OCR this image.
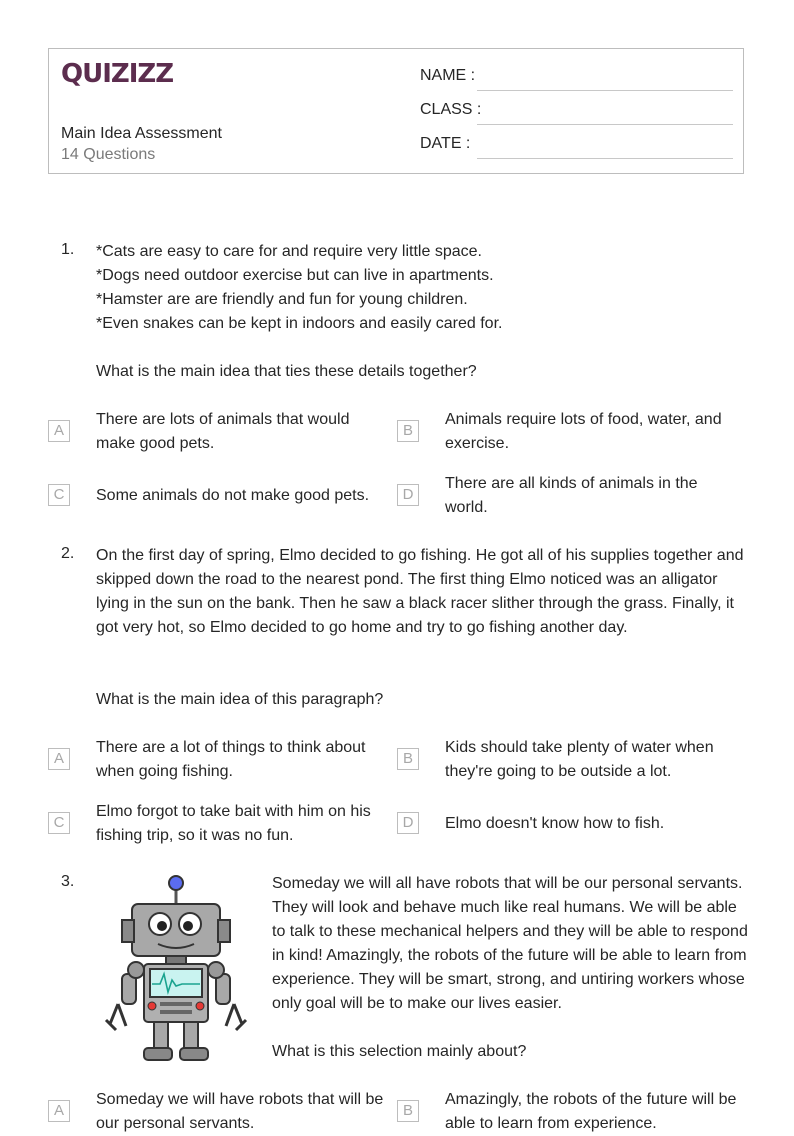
QUIZIZZ
Main Idea Assessment
14 Questions
NAME :
CLASS :
DATE :
1. *Cats are easy to care for and require very little space.
*Dogs need outdoor exercise but can live in apartments.
*Hamster are are friendly and fun for young children.
*Even snakes can be kept in indoors and easily cared for.
What is the main idea that ties these details together?
A
There are lots of animals that would make good pets.
B
Animals require lots of food, water, and exercise.
C	Some animals do not make good pets.	D
There are all kinds of animals in the world.
2. On the first day of spring, Elmo decided to go fishing. He got all of his supplies together and skipped down the road to the nearest pond. The first thing Elmo noticed was an alligator lying in the sun on the bank. Then he saw a black racer slither through the grass. Finally, it got very hot, so Elmo decided to go home and try to go fishing another day.
What is the main idea of this paragraph?
A
There are a lot of things to think about when going fishing.
B
Kids should take plenty of water when they're going to be outside a lot.
C
Elmo forgot to take bait with him on his fishing trip, so it was no fun.
D	Elmo doesn't know how to fish.
3.	Someday we will all have robots that will be our personal servants. They will look and behave much like real humans. We will be able to talk to these mechanical helpers and they will be able to respond in kind! Amazingly, the robots of the future will be able to learn from experience. They will be smart, strong, and untiring workers whose only goal will be to make our lives easier.
What is this selection mainly about?
A
Someday we will have robots that will be our personal servants.
B
Amazingly, the robots of the future will be able to learn from experience.
